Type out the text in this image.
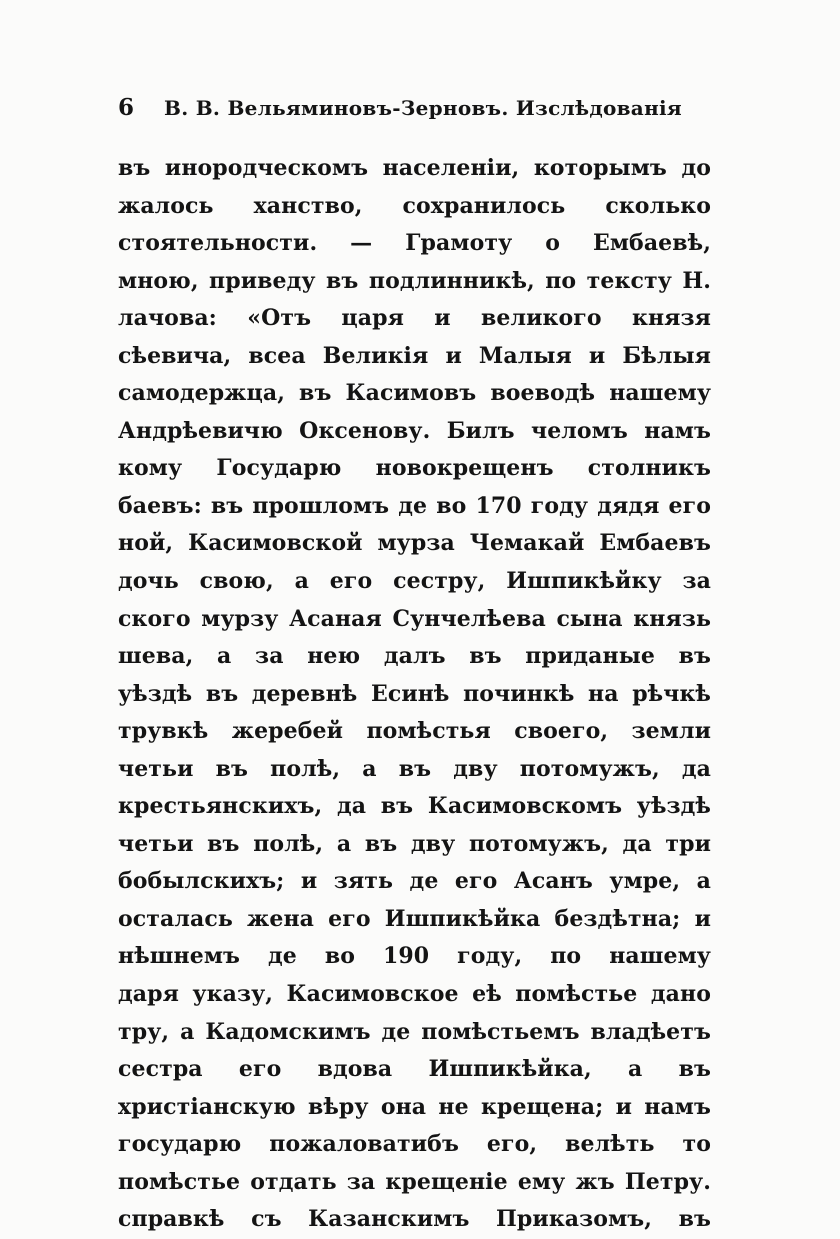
6 В. В. Вельяминовъ-Зерновъ. Изслѣдованія
въ инородческомъ населеніи, которымъ до
жалось ханство, сохранилось сколько
стоятельности. — Грамоту о Ембаевѣ,
мною, приведу въ подлинникѣ, по тексту Н.
лачова: «Отъ царя и великого князя
сѣевича, всеа Великія и Малыя и Бѣлыя
самодержца, въ Касимовъ воеводѣ нашему
Андрѣевичю Оксенову. Билъ челомъ намъ
кому Государю новокрещенъ столникъ
баевъ: въ прошломъ де во 170 году дядя его
ной, Касимовской мурза Чемакай Ембаевъ
дочь свою, а его сестру, Ишпикѣйку за
ского мурзу Асаная Сунчелѣева сына князь
шева, а за нею далъ въ приданые въ
уѣздѣ въ деревнѣ Есинѣ починкѣ на рѣчкѣ
трувкѣ жеребей помѣстья своего, земли
четьи въ полѣ, а въ дву потомужъ, да
крестьянскихъ, да въ Касимовскомъ уѣздѣ
четьи въ полѣ, а въ дву потомужъ, да три
бобылскихъ; и зять де его Асанъ умре, а
осталась жена его Ишпикѣйка бездѣтна; и
нѣшнемъ де во 190 году, по нашему
даря указу, Касимовское еѣ помѣстье дано
тру, а Кадомскимъ де помѣстьемъ владѣетъ
сестра его вдова Ишпикѣйка, а въ
христіанскую вѣру она не крещена; и намъ
государю пожаловатибъ его, велѣть то
помѣстье отдать за крещеніе ему жъ Петру.
справкѣ съ Казанскимъ Приказомъ, въ
